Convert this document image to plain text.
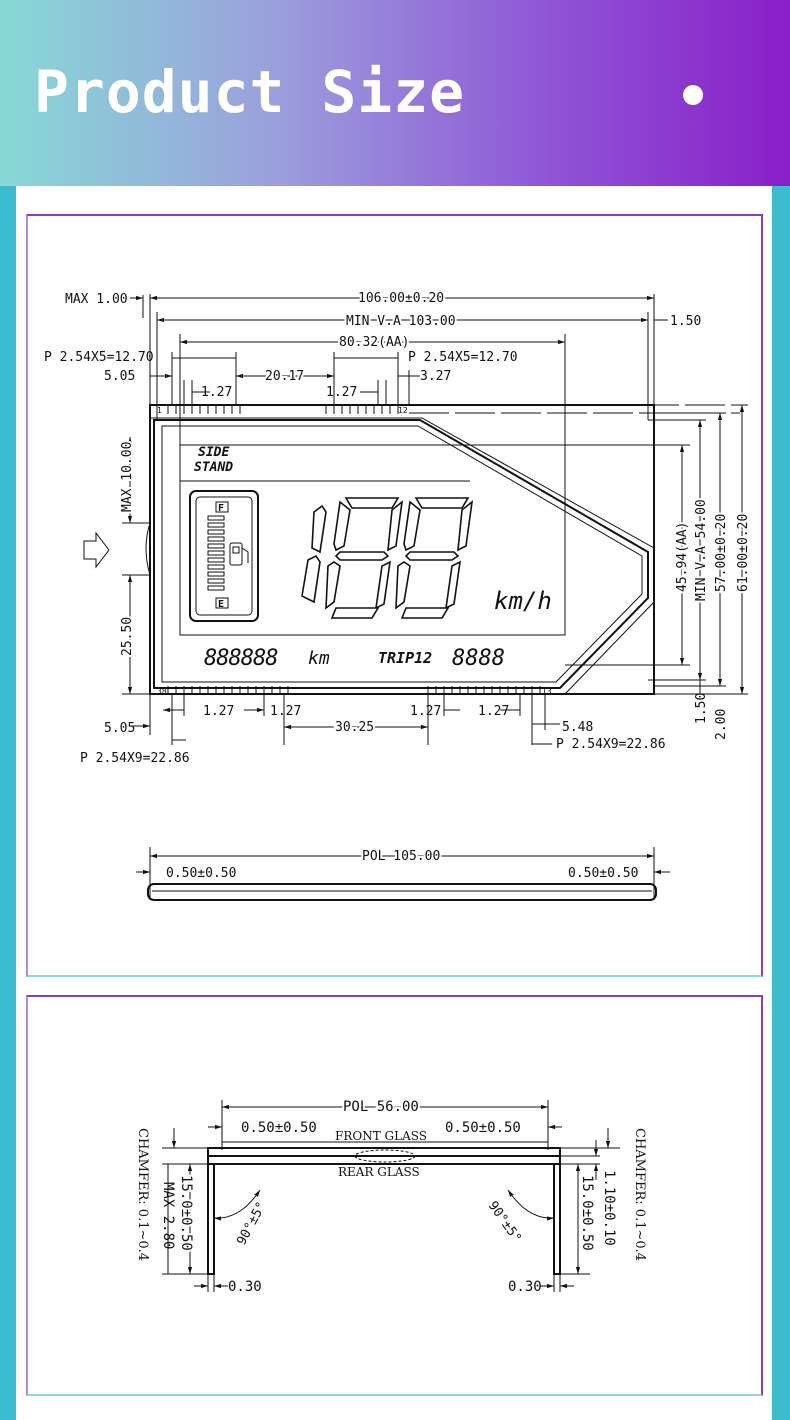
Product Size
1	12
38	13
SIDE
STAND
F
E	km/h
888888 km	TRIP12 8888
MAX 1.00	106.00±0.20
MIN V.A 103.00	1.50
80.32(AA)
P 2.54X5=12.70	P 2.54X5=12.70
5.05
1.27
20.17
1.27
3.27
MAX 10.00
25.50
45.94(AA) MIN V.A 54.00 57.00±0.20 61.00±0.20
1.50
2.00
5.05
1.27	1.27
30.25
1.27	1.27
5.48
P 2.54X9=22.86
P 2.54X9=22.86
POL 105.00
0.50±0.50	0.50±0.50
POL 56.00
0.50±0.50	0.50±0.50
FRONT GLASS
REAR GLASS
90°±5°	90°±5°
CHAMFER: 0.1~0.4 MAX 2.80 15.0±0.50
0.30
CHAMFER: 0.1~0.4
1.10±0.10
15.0±0.50
0.30
